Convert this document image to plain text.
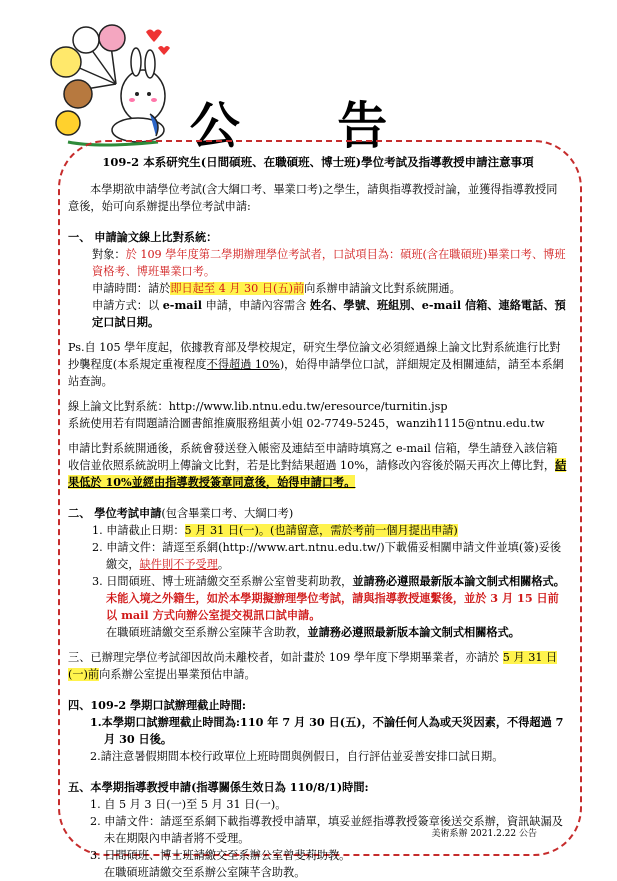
公 告

109-2 本系研究生(日間碩班、在職碩班、博士班)學位考試及指導教授申請注意事項

本學期欲申請學位考試(含大綱口考、畢業口考)之學生，請與指導教授討論，並獲得指導教授同意後，始可向系辦提出學位考試申請:

一、 申請論文線上比對系統：

對象：於 109 學年度第二學期辦理學位考試者，口試項目為：碩班(含在職碩班)畢業口考、博班資格考、博班畢業口考。

申請時間：請於即日起至 4 月 30 日(五)前向系辦申請論文比對系統開通。

申請方式：以 e-mail 申請，申請內容需含 姓名、學號、班組別、e-mail 信箱、連絡電話、預定口試日期。

Ps.自 105 學年度起，依據教育部及學校規定，研究生學位論文必須經過線上論文比對系統進行比對抄襲程度(本系規定重複程度不得超過 10%)，始得申請學位口試，詳細規定及相關連結，請至本系網站查詢。

線上論文比對系統：http://www.lib.ntnu.edu.tw/eresource/turnitin.jsp

系統使用若有問題請洽圖書館推廣服務組黃小姐 02-7749-5245，wanzih1115@ntnu.edu.tw

申請比對系統開通後，系統會發送登入帳密及連結至申請時填寫之 e-mail 信箱，學生請登入該信箱收信並依照系統說明上傳論文比對，若是比對結果超過 10%，請修改內容後於隔天再次上傳比對，結果低於 10%並經由指導教授簽章同意後，始得申請口考。

二、 學位考試申請(包含畢業口考、大綱口考)

1. 申請截止日期：5 月 31 日(一)。(也請留意，需於考前一個月提出申請)

2. 申請文件：請逕至系網(http://www.art.ntnu.edu.tw/)下載備妥相關申請文件並填(簽)妥後繳交，缺件則不予受理。

3. 日間碩班、博士班請繳交至系辦公室曾斐莉助教，並請務必遵照最新版本論文制式相關格式。未能入境之外籍生，如於本學期擬辦理學位考試，請與指導教授連繫後，並於 3 月 15 日前以 mail 方式向辦公室提交視訊口試申請。

在職碩班請繳交至系辦公室陳芊含助教，並請務必遵照最新版本論文制式相關格式。

三、已辦理完學位考試卻因故尚未離校者，如計畫於 109 學年度下學期畢業者，亦請於 5 月 31 日(一)前向系辦公室提出畢業預估申請。

四、109-2 學期口試辦理截止時間:

1.本學期口試辦理截止時間為:110 年 7 月 30 日(五)，不論任何人為或天災因素，不得超過 7 月 30 日後。

2.請注意暑假期間本校行政單位上班時間與例假日，自行評估並妥善安排口試日期。

五、本學期指導教授申請(指導關係生效日為 110/8/1)時間:

1. 自 5 月 3 日(一)至 5 月 31 日(一)。

2. 申請文件：請逕至系網下載指導教授申請單，填妥並經指導教授簽章後送交系辦，資訊缺漏及未在期限內申請者將不受理。

3. 日間碩班、博士班請繳交至系辦公室曾斐莉助教。

在職碩班請繳交至系辦公室陳芊含助教。

美術系辦 2021.2.22 公告
